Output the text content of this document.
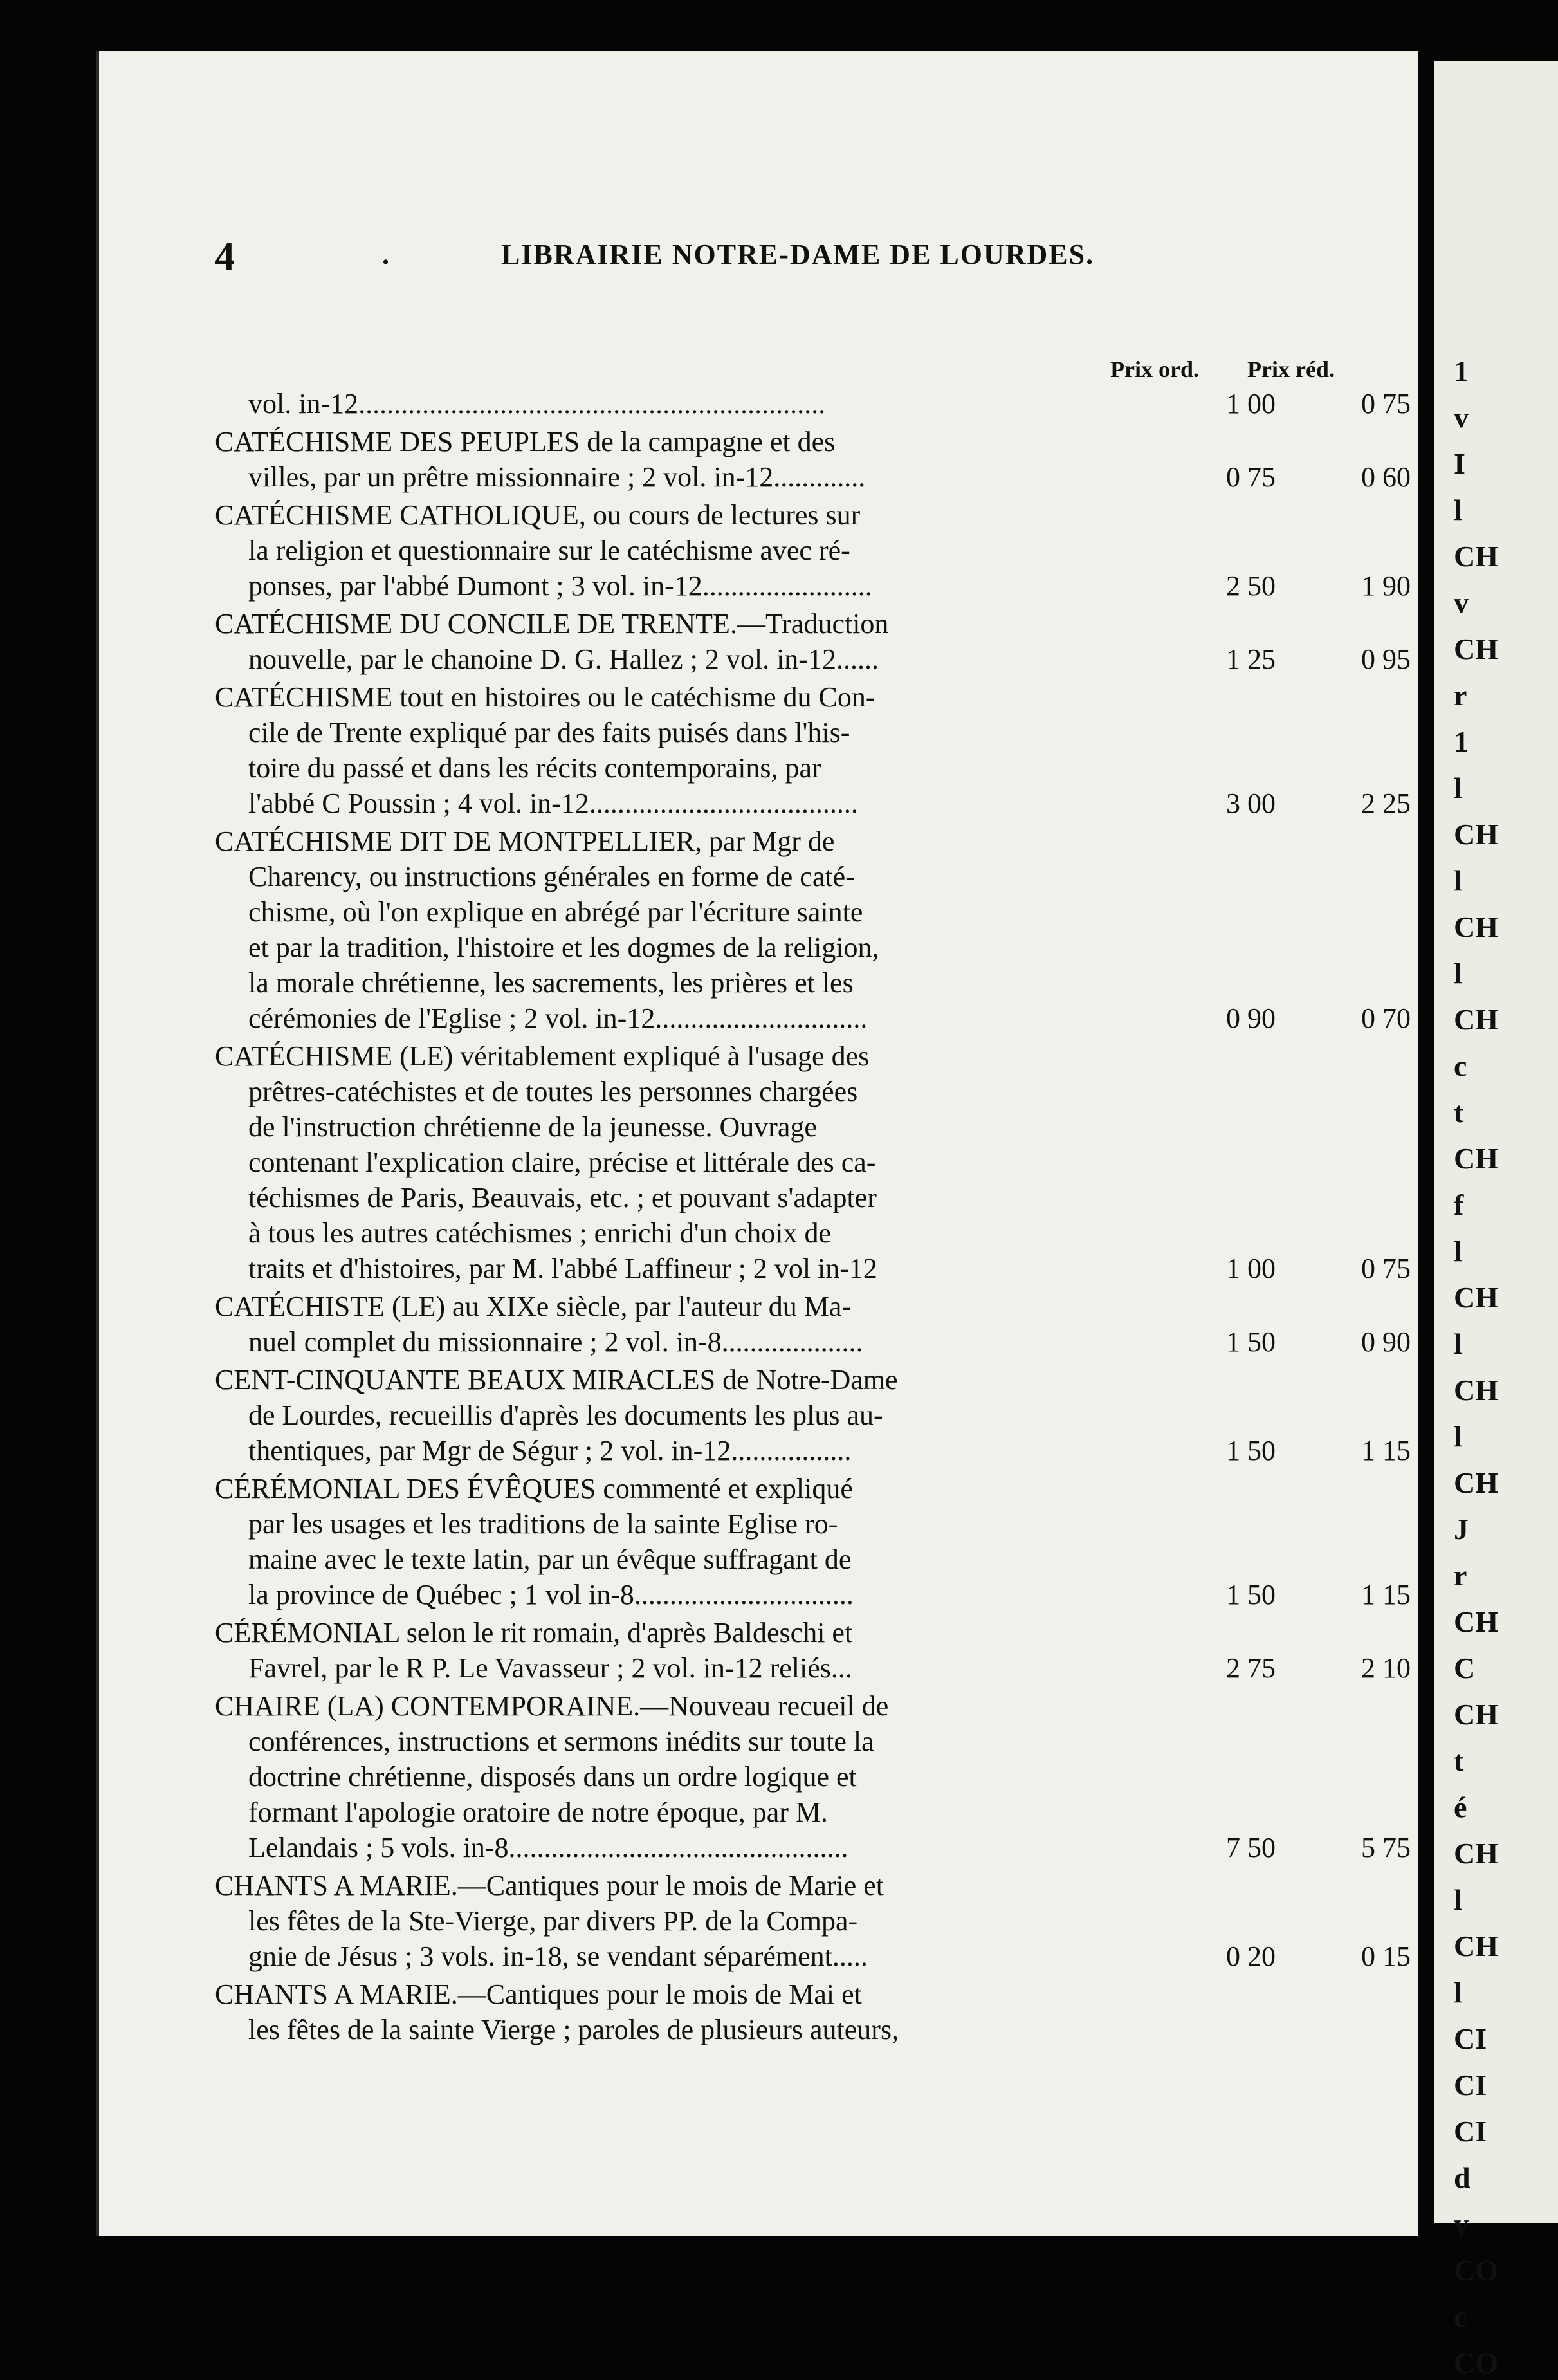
4	.	LIBRAIRIE NOTRE-DAME DE LOURDES.
Prix ord. Prix réd.
vol. in-12..................................................................	1 00	0 75
CATÉCHISME DES PEUPLES de la campagne et des
villes, par un prêtre missionnaire ; 2 vol. in-12.............	0 75	0 60
CATÉCHISME CATHOLIQUE, ou cours de lectures sur
la religion et questionnaire sur le catéchisme avec ré-
ponses, par l'abbé Dumont ; 3 vol. in-12........................	2 50	1 90
CATÉCHISME DU CONCILE DE TRENTE.—Traduction
nouvelle, par le chanoine D. G. Hallez ; 2 vol. in-12......	1 25	0 95
CATÉCHISME tout en histoires ou le catéchisme du Con-
cile de Trente expliqué par des faits puisés dans l'his-
toire du passé et dans les récits contemporains, par
l'abbé C Poussin ; 4 vol. in-12......................................	3 00	2 25
CATÉCHISME DIT DE MONTPELLIER, par Mgr de
Charency, ou instructions générales en forme de caté-
chisme, où l'on explique en abrégé par l'écriture sainte
et par la tradition, l'histoire et les dogmes de la religion,
la morale chrétienne, les sacrements, les prières et les
cérémonies de l'Eglise ; 2 vol. in-12..............................	0 90	0 70
CATÉCHISME (LE) véritablement expliqué à l'usage des
prêtres-catéchistes et de toutes les personnes chargées
de l'instruction chrétienne de la jeunesse. Ouvrage
contenant l'explication claire, précise et littérale des ca-
téchismes de Paris, Beauvais, etc. ; et pouvant s'adapter
à tous les autres catéchismes ; enrichi d'un choix de
traits et d'histoires, par M. l'abbé Laffineur ; 2 vol in-12	1 00	0 75
CATÉCHISTE (LE) au XIXe siècle, par l'auteur du Ma-
nuel complet du missionnaire ; 2 vol. in-8....................	1 50	0 90
CENT-CINQUANTE BEAUX MIRACLES de Notre-Dame
de Lourdes, recueillis d'après les documents les plus au-
thentiques, par Mgr de Ségur ; 2 vol. in-12.................	1 50	1 15
CÉRÉMONIAL DES ÉVÊQUES commenté et expliqué
par les usages et les traditions de la sainte Eglise ro-
maine avec le texte latin, par un évêque suffragant de
la province de Québec ; 1 vol in-8...............................	1 50	1 15
CÉRÉMONIAL selon le rit romain, d'après Baldeschi et
Favrel, par le R P. Le Vavasseur ; 2 vol. in-12 reliés...	2 75	2 10
CHAIRE (LA) CONTEMPORAINE.—Nouveau recueil de
conférences, instructions et sermons inédits sur toute la
doctrine chrétienne, disposés dans un ordre logique et
formant l'apologie oratoire de notre époque, par M.
Lelandais ; 5 vols. in-8................................................	7 50	5 75
CHANTS A MARIE.—Cantiques pour le mois de Marie et
les fêtes de la Ste-Vierge, par divers PP. de la Compa-
gnie de Jésus ; 3 vols. in-18, se vendant séparément.....	0 20	0 15
CHANTS A MARIE.—Cantiques pour le mois de Mai et
les fêtes de la sainte Vierge ; paroles de plusieurs auteurs,
1
v
I
l
CH
v
CH
r
1
l
CH
l
CH
l
CH
c
t
CH
f
l
CH
l
CH
l
CH
J
r
CH
C
CH
t
é
CH
l
CH
l
CI
CI
CI
d
v
CO
c
CO
